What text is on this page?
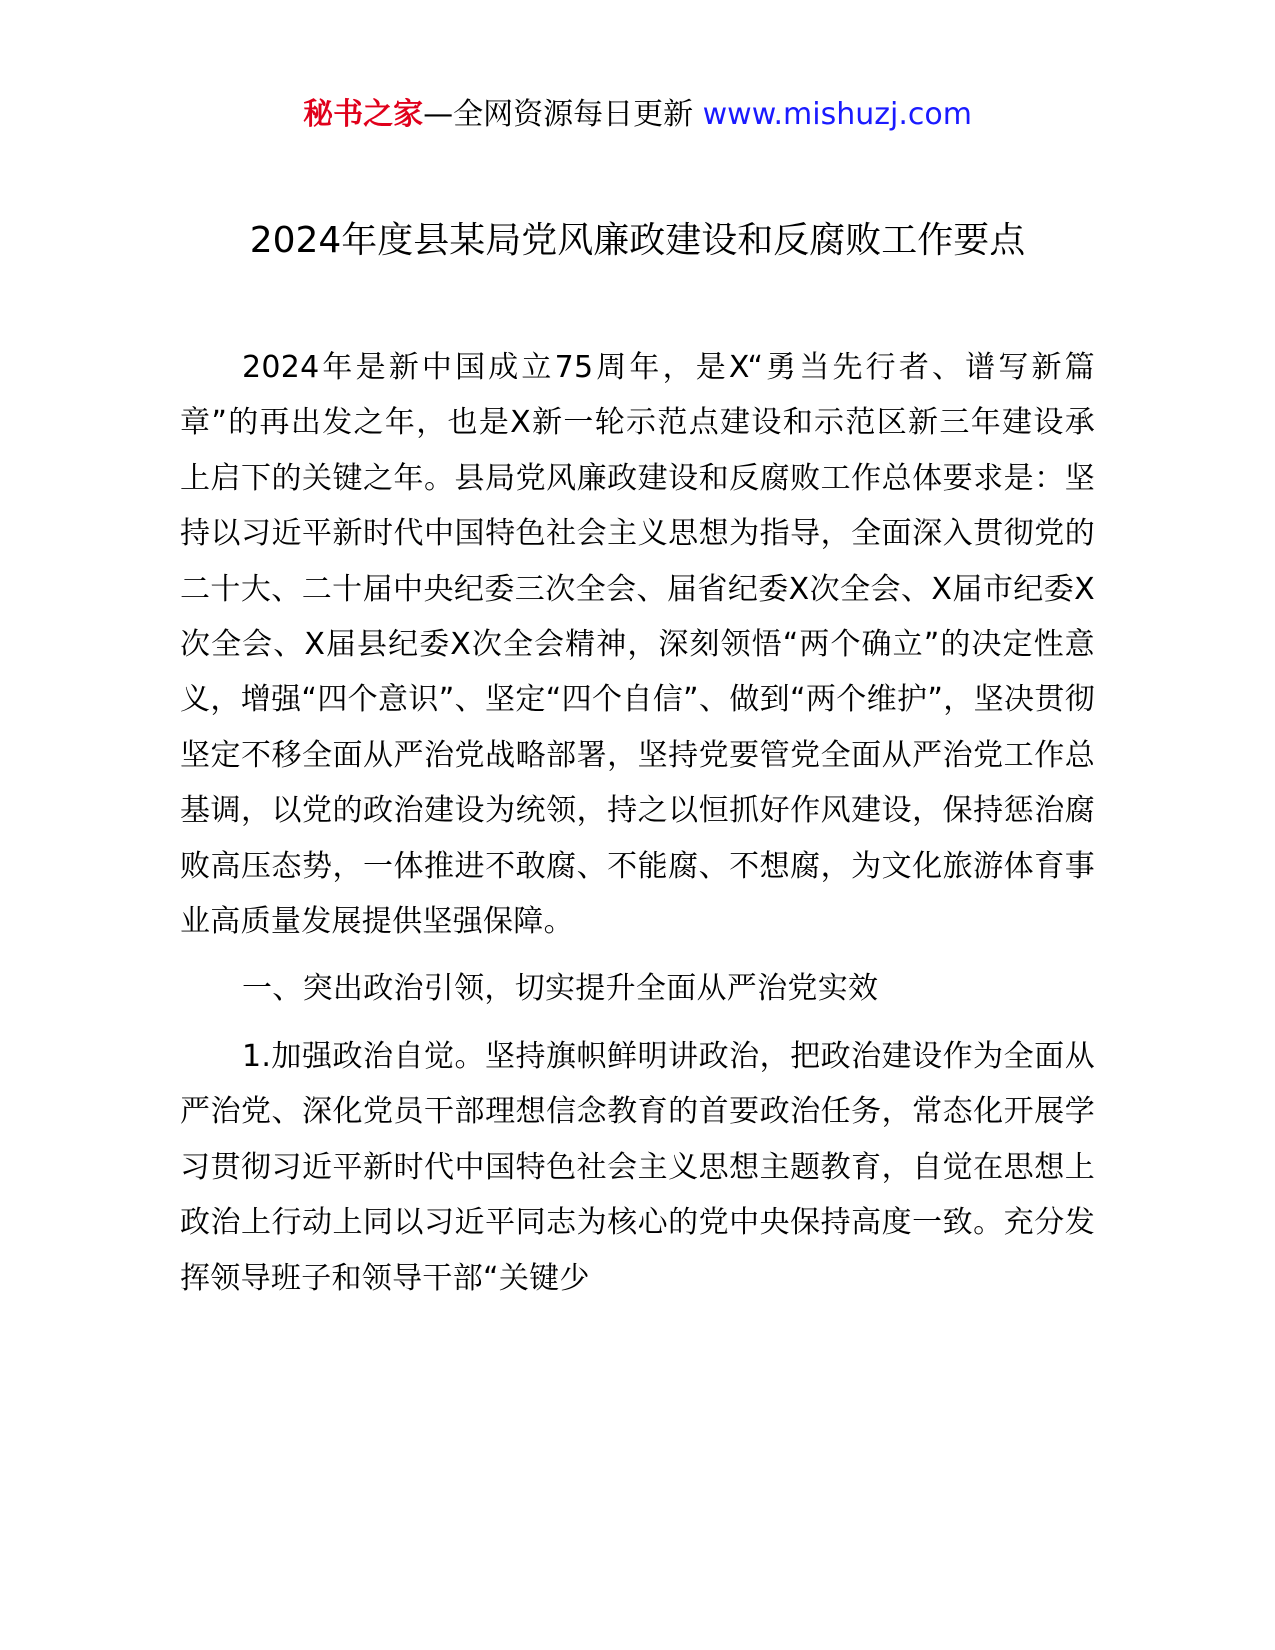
秘书之家—全网资源每日更新 www.mishuzj.com
2024年度县某局党风廉政建设和反腐败工作要点

2024年是新中国成立75周年，是X“勇当先行者、谱写新篇章”的再出发之年，也是X新一轮示范点建设和示范区新三年建设承上启下的关键之年。县局党风廉政建设和反腐败工作总体要求是：坚持以习近平新时代中国特色社会主义思想为指导，全面深入贯彻党的二十大、二十届中央纪委三次全会、届省纪委X次全会、X届市纪委X次全会、X届县纪委X次全会精神，深刻领悟“两个确立”的决定性意义，增强“四个意识”、坚定“四个自信”、做到“两个维护”，坚决贯彻坚定不移全面从严治党战略部署，坚持党要管党全面从严治党工作总基调，以党的政治建设为统领，持之以恒抓好作风建设，保持惩治腐败高压态势，一体推进不敢腐、不能腐、不想腐，为文化旅游体育事业高质量发展提供坚强保障。

一、突出政治引领，切实提升全面从严治党实效

1.加强政治自觉。坚持旗帜鲜明讲政治，把政治建设作为全面从严治党、深化党员干部理想信念教育的首要政治任务，常态化开展学习贯彻习近平新时代中国特色社会主义思想主题教育，自觉在思想上政治上行动上同以习近平同志为核心的党中央保持高度一致。充分发挥领导班子和领导干部“关键少
